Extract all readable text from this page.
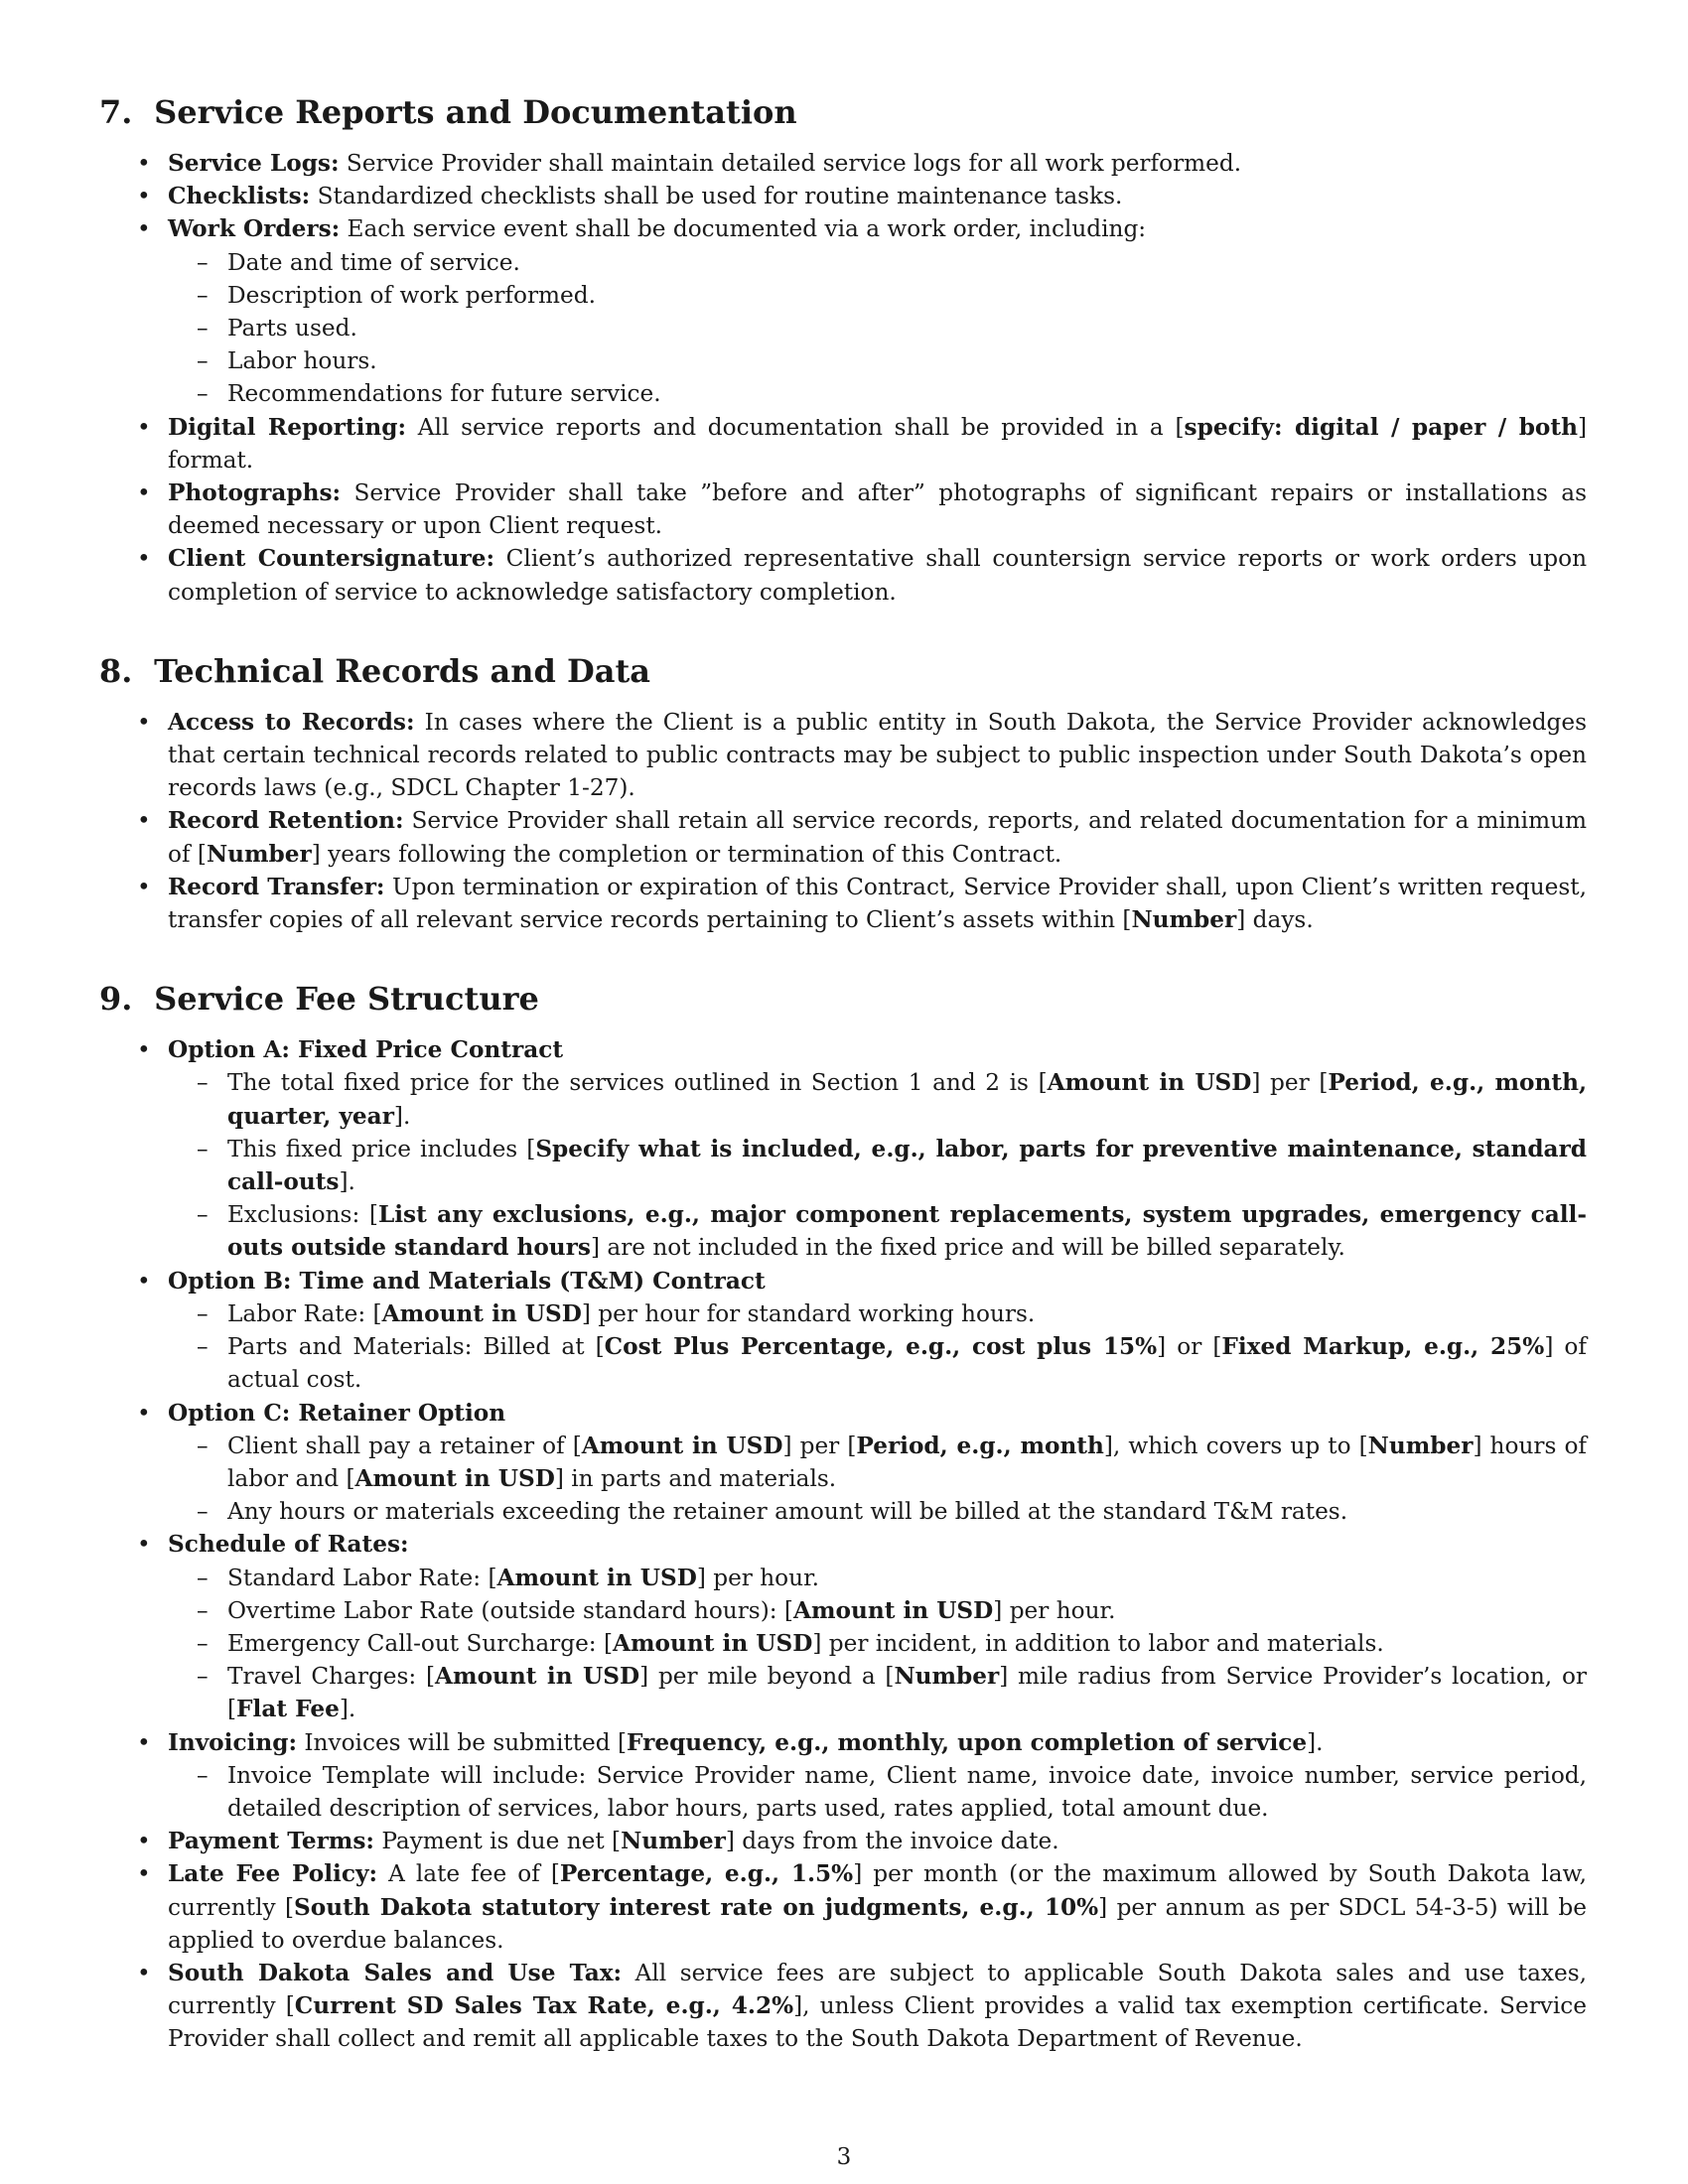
7. Service Reports and Documentation
• Service Logs: Service Provider shall maintain detailed service logs for all work performed.
• Checklists: Standardized checklists shall be used for routine maintenance tasks.
• Work Orders: Each service event shall be documented via a work order, including:
– Date and time of service.
– Description of work performed.
– Parts used.
– Labor hours.
– Recommendations for future service.
• Digital Reporting: All service reports and documentation shall be provided in a [specify: digital / paper / both] format.
• Photographs: Service Provider shall take ”before and after” photographs of significant repairs or installations as deemed necessary or upon Client request.
• Client Countersignature: Client’s authorized representative shall countersign service reports or work orders upon completion of service to acknowledge satisfactory completion.
8. Technical Records and Data
• Access to Records: In cases where the Client is a public entity in South Dakota, the Service Provider acknowledges that certain technical records related to public contracts may be subject to public inspection under South Dakota’s open records laws (e.g., SDCL Chapter 1-27).
• Record Retention: Service Provider shall retain all service records, reports, and related documentation for a minimum of [Number] years following the completion or termination of this Contract.
• Record Transfer: Upon termination or expiration of this Contract, Service Provider shall, upon Client’s written request, transfer copies of all relevant service records pertaining to Client’s assets within [Number] days.
9. Service Fee Structure
• Option A: Fixed Price Contract
– The total fixed price for the services outlined in Section 1 and 2 is [Amount in USD] per [Period, e.g., month, quarter, year].
– This fixed price includes [Specify what is included, e.g., labor, parts for preventive maintenance, standard call-outs].
– Exclusions: [List any exclusions, e.g., major component replacements, system upgrades, emergency call-outs outside standard hours] are not included in the fixed price and will be billed separately.
• Option B: Time and Materials (T&M) Contract
– Labor Rate: [Amount in USD] per hour for standard working hours.
– Parts and Materials: Billed at [Cost Plus Percentage, e.g., cost plus 15%] or [Fixed Markup, e.g., 25%] of actual cost.
• Option C: Retainer Option
– Client shall pay a retainer of [Amount in USD] per [Period, e.g., month], which covers up to [Number] hours of labor and [Amount in USD] in parts and materials.
– Any hours or materials exceeding the retainer amount will be billed at the standard T&M rates.
• Schedule of Rates:
– Standard Labor Rate: [Amount in USD] per hour.
– Overtime Labor Rate (outside standard hours): [Amount in USD] per hour.
– Emergency Call-out Surcharge: [Amount in USD] per incident, in addition to labor and materials.
– Travel Charges: [Amount in USD] per mile beyond a [Number] mile radius from Service Provider’s location, or [Flat Fee].
• Invoicing: Invoices will be submitted [Frequency, e.g., monthly, upon completion of service].
– Invoice Template will include: Service Provider name, Client name, invoice date, invoice number, service period, detailed description of services, labor hours, parts used, rates applied, total amount due.
• Payment Terms: Payment is due net [Number] days from the invoice date.
• Late Fee Policy: A late fee of [Percentage, e.g., 1.5%] per month (or the maximum allowed by South Dakota law, currently [South Dakota statutory interest rate on judgments, e.g., 10%] per annum as per SDCL 54-3-5) will be applied to overdue balances.
• South Dakota Sales and Use Tax: All service fees are subject to applicable South Dakota sales and use taxes, currently [Current SD Sales Tax Rate, e.g., 4.2%], unless Client provides a valid tax exemption certificate. Service Provider shall collect and remit all applicable taxes to the South Dakota Department of Revenue.
3
